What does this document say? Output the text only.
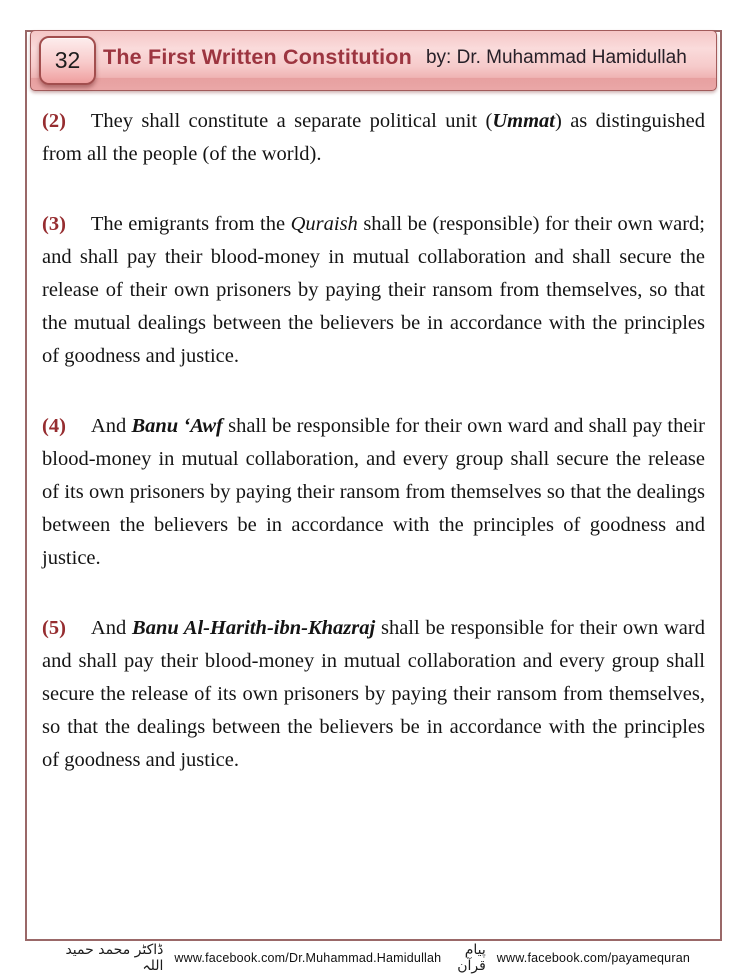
32 The First Written Constitution by: Dr. Muhammad Hamidullah

(2) They shall constitute a separate political unit (Ummat) as distinguished from all the people (of the world).

(3) The emigrants from the Quraish shall be (responsible) for their own ward; and shall pay their blood-money in mutual collaboration and shall secure the release of their own prisoners by paying their ransom from themselves, so that the mutual dealings between the believers be in accordance with the principles of goodness and justice.

(4) And Banu ‘Awf shall be responsible for their own ward and shall pay their blood-money in mutual collaboration, and every group shall secure the release of its own prisoners by paying their ransom from themselves so that the dealings between the believers be in accordance with the principles of goodness and justice.

(5) And Banu Al-Harith-ibn-Khazraj shall be responsible for their own ward and shall pay their blood-money in mutual collaboration and every group shall secure the release of its own prisoners by paying their ransom from themselves, so that the dealings between the believers be in accordance with the principles of goodness and justice.

ڈاکٹر محمد حمید اللہ www.facebook.com/Dr.Muhammad.Hamidullah	پیام قرآن www.facebook.com/payamequran
